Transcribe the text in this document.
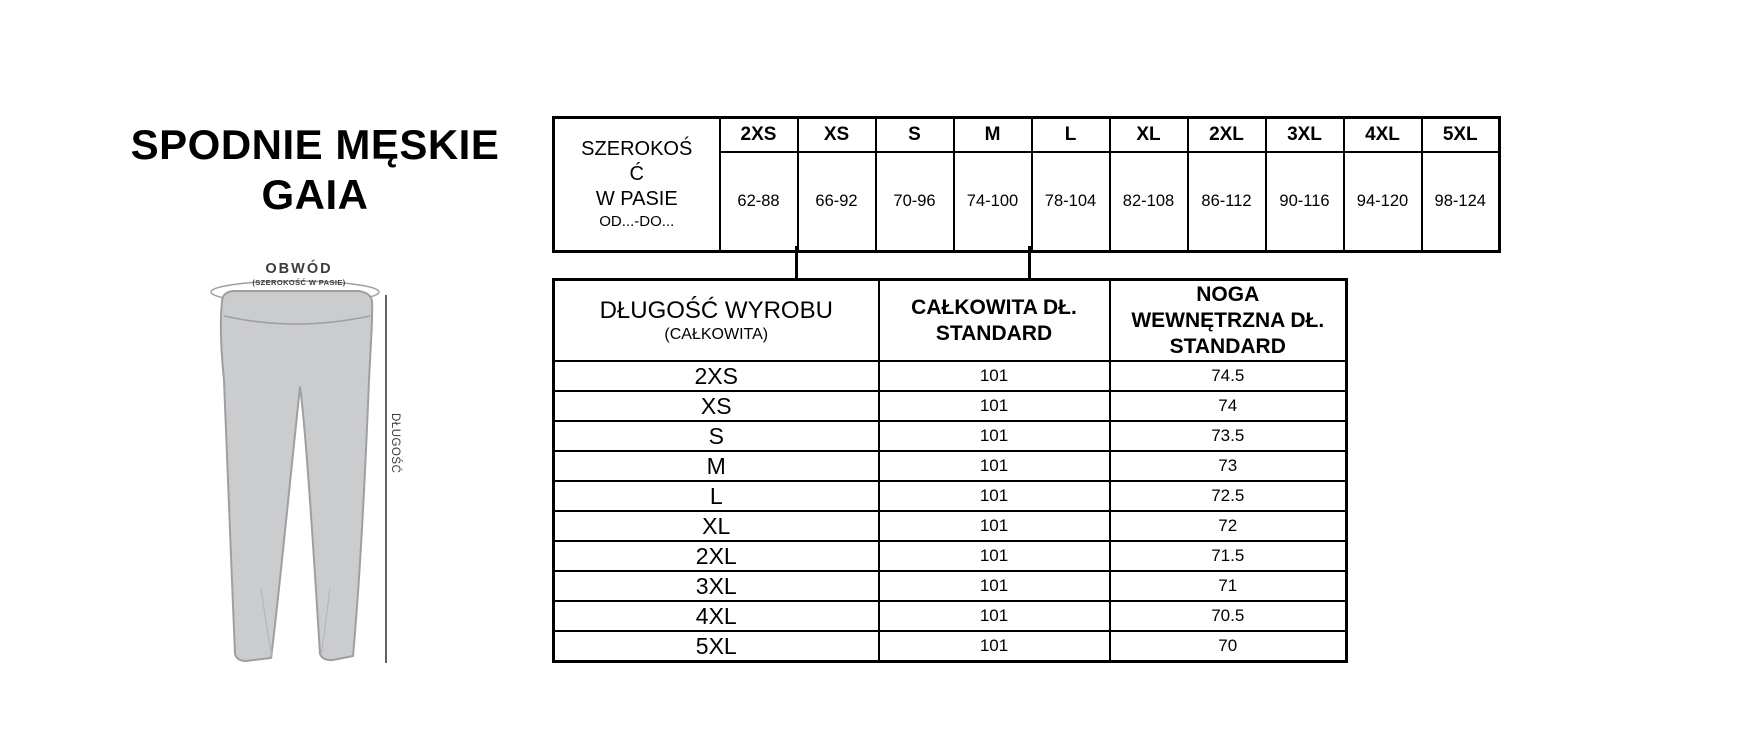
SPODNIE MĘSKIE
GAIA
OBWÓD
(SZEROKOŚĆ W PASIE)
DŁUGOŚĆ
SZEROKOŚ
Ć
W PASIE
OD...-DO...	2XS	XS	S	M	L	XL	2XL	3XL	4XL	5XL
	62-88	66-92	70-96	74-100	78-104	82-108	86-112	90-116	94-120	98-124
DŁUGOŚĆ WYROBU
(CAŁKOWITA)

CAŁKOWITA DŁ.
STANDARD

NOGA
WEWNĘTRZNA DŁ.
STANDARD

2XS	101	74.5
XS	101	74
S	101	73.5
M	101	73
L	101	72.5
XL	101	72
2XL	101	71.5
3XL	101	71
4XL	101	70.5
5XL	101	70
